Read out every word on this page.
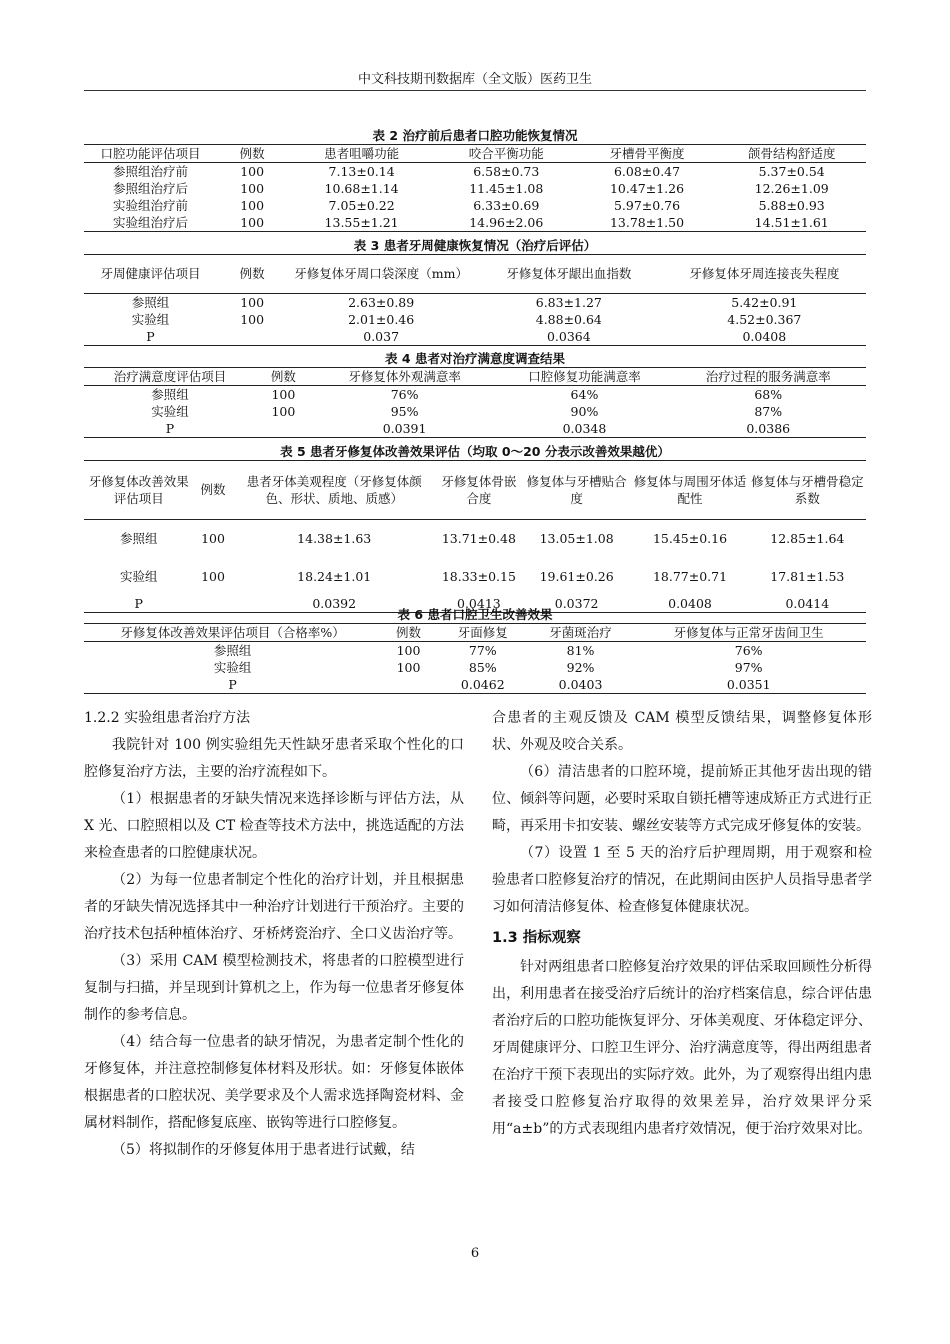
中文科技期刊数据库（全文版）医药卫生
表 2 治疗前后患者口腔功能恢复情况
口腔功能评估项目	例数	患者咀嚼功能	咬合平衡功能	牙槽骨平衡度	颌骨结构舒适度
参照组治疗前	100	7.13±0.14	6.58±0.73	6.08±0.47	5.37±0.54
参照组治疗后	100	10.68±1.14	11.45±1.08	10.47±1.26	12.26±1.09
实验组治疗前	100	7.05±0.22	6.33±0.69	5.97±0.76	5.88±0.93
实验组治疗后	100	13.55±1.21	14.96±2.06	13.78±1.50	14.51±1.61
表 3 患者牙周健康恢复情况（治疗后评估）
牙周健康评估项目	例数	牙修复体牙周口袋深度（mm）	牙修复体牙龈出血指数	牙修复体牙周连接丧失程度
参照组	100	2.63±0.89	6.83±1.27	5.42±0.91
实验组	100	2.01±0.46	4.88±0.64	4.52±0.367
P		0.037	0.0364	0.0408
表 4 患者对治疗满意度调查结果
治疗满意度评估项目	例数	牙修复体外观满意率	口腔修复功能满意率	治疗过程的服务满意率
参照组	100	76%	64%	68%
实验组	100	95%	90%	87%
P		0.0391	0.0348	0.0386
表 5 患者牙修复体改善效果评估（均取 0～20 分表示改善效果越优）
牙修复体改善效果评估项目	例数	患者牙体美观程度（牙修复体颜色、形状、质地、质感）	牙修复体骨嵌合度	修复体与牙槽贴合度	修复体与周围牙体适配性	修复体与牙槽骨稳定系数
参照组	100	14.38±1.63	13.71±0.48	13.05±1.08	15.45±0.16	12.85±1.64
实验组	100	18.24±1.01	18.33±0.15	19.61±0.26	18.77±0.71	17.81±1.53
P		0.0392	0.0413	0.0372	0.0408	0.0414
表 6 患者口腔卫生改善效果
牙修复体改善效果评估项目（合格率%）	例数	牙面修复	牙菌斑治疗	牙修复体与正常牙齿间卫生
参照组	100	77%	81%	76%
实验组	100	85%	92%	97%
P		0.0462	0.0403	0.0351

1.2.2 实验组患者治疗方法

我院针对 100 例实验组先天性缺牙患者采取个性化的口腔修复治疗方法，主要的治疗流程如下。

（1）根据患者的牙缺失情况来选择诊断与评估方法，从 X 光、口腔照相以及 CT 检查等技术方法中，挑选适配的方法来检查患者的口腔健康状况。

（2）为每一位患者制定个性化的治疗计划，并且根据患者的牙缺失情况选择其中一种治疗计划进行干预治疗。主要的治疗技术包括种植体治疗、牙桥烤瓷治疗、全口义齿治疗等。

（3）采用 CAM 模型检测技术，将患者的口腔模型进行复制与扫描，并呈现到计算机之上，作为每一位患者牙修复体制作的参考信息。

（4）结合每一位患者的缺牙情况，为患者定制个性化的牙修复体，并注意控制修复体材料及形状。如：牙修复体嵌体根据患者的口腔状况、美学要求及个人需求选择陶瓷材料、金属材料制作，搭配修复底座、嵌钩等进行口腔修复。

（5）将拟制作的牙修复体用于患者进行试戴，结

合患者的主观反馈及 CAM 模型反馈结果，调整修复体形状、外观及咬合关系。

（6）清洁患者的口腔环境，提前矫正其他牙齿出现的错位、倾斜等问题，必要时采取自锁托槽等速成矫正方式进行正畸，再采用卡扣安装、螺丝安装等方式完成牙修复体的安装。

（7）设置 1 至 5 天的治疗后护理周期，用于观察和检验患者口腔修复治疗的情况，在此期间由医护人员指导患者学习如何清洁修复体、检查修复体健康状况。

1.3 指标观察

针对两组患者口腔修复治疗效果的评估采取回顾性分析得出，利用患者在接受治疗后统计的治疗档案信息，综合评估患者治疗后的口腔功能恢复评分、牙体美观度、牙体稳定评分、牙周健康评分、口腔卫生评分、治疗满意度等，得出两组患者在治疗干预下表现出的实际疗效。此外，为了观察得出组内患者接受口腔修复治疗取得的效果差异，治疗效果评分采用“a±b”的方式表现组内患者疗效情况，便于治疗效果对比。

6
